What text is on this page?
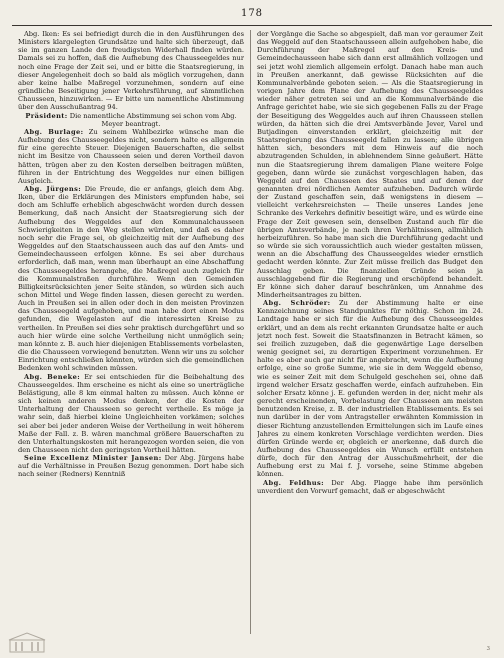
178

Abg. Iken: Es sei befriedigt durch die in den Ausführungen des Ministers klargelegten Grundsätze und halte sich überzeugt, daß sie im ganzen Lande den freudigsten Widerhall finden würden. Damals sei zu hoffen, daß die Aufhebung des Chausseegeldes nur noch eine Frage der Zeit sei, und er bitte die Staatsregierung, in dieser Angelegenheit doch so bald als möglich vorzugehen, dann aber keine halbe Maßregel vorzunehmen, sondern auf eine gründliche Beseitigung jener Verkehrsführung, auf sämmtlichen Chausseen, hinzuwirken. — Er bitte um namentliche Abstimmung über den Ausschußantrag 94.

Präsident: Die namentliche Abstimmung sei schon vom Abg. Meyer beantragt.

Abg. Burlage: Zu seinem Wahlbezirke wünsche man die Aufhebung des Chausseegeldes nicht, sondern halte es allgemein für eine gerechte Steuer. Diejenigen Bauerschaften, die selbst nicht im Besitze von Chausseen seien und deren Vortheil davon hätten, trügen aber zu den Kosten derselben beitragen müßten, führen in der Entrichtung des Weggeldes nur einen billigen Ausgleich.

Abg. Jürgens: Die Freude, die er anfangs, gleich dem Abg. Iken, über die Erklärungen des Ministers empfunden habe, sei doch am Schluffe erheblich abgeschwächt worden durch dessen Bemerkung, daß nach Ansicht der Staatsregierung sich der Aufhebung des Weggeldes auf den Kommunalchausseen Schwierigkeiten in den Weg stellen würden, und daß es daher noch sehr die Frage sei, ob gleichzeitig mit der Aufhebung des Weggeldes auf den Staatschausseen auch das auf den Amts- und Gemeindechausseen erfolgen könne. Es sei aber durchaus erforderlich, daß man, wenn man überhaupt an eine Abschaffung des Chausseegeldes herangehe, die Maßregel auch zugleich für die Kommunalstraßen durchführe. Wenn den Gemeinden Billigkeitsrücksichten jener Seite ständen, so würden sich auch schon Mittel und Wege finden lassen, diesen gerecht zu werden. Auch in Preußen sei in allen oder doch in den meisten Provinzen das Chausseegeld aufgehoben, und man habe dort einen Modus gefunden, die Wegelasten auf die interessirten Kreise zu vertheilen. In Preußen sei dies sehr praktisch durchgeführt und so auch hier würde eine solche Vertheilung nicht unmöglich sein; man könnte z. B. auch hier diejenigen Etablissements vorbelasten, die die Chausseen vorwiegend benutzten. Wenn wir uns zu solcher Einrichtung entschließen könnten, würden sich die gemeindlichen Bedenken wohl schwinden müssen.

Abg. Beneke: Er sei entschieden für die Beibehaltung des Chausseegeldes. Ihm erscheine es nicht als eine so unerträgliche Belästigung, alle 8 km einmal halten zu müssen. Auch könne er sich keinen anderen Modus denken, der die Kosten der Unterhaltung der Chausseen so gerecht vertheile. Es möge ja wahr sein, daß hierbei kleine Ungleichheiten vorkämen; solches sei aber bei jeder anderen Weise der Vertheilung in weit höherem Maße der Fall. z. B. wären manchmal größere Bauerschaften zu den Unterhaltungskosten mit herangezogen worden seien, die von den Chausseen nicht den geringsten Vortheil hätten.

Seine Excellenz Minister Jansen: Der Abg. Jürgens habe auf die Verhältnisse in Preußen Bezug genommen. Dort habe sich nach seiner (Redners) Kenntniß

der Vorgänge die Sache so abgespielt, daß man vor geraumer Zeit das Weggeld auf den Staatschausseen allein aufgehoben habe, die Durchführung der Maßregel auf den Kreis- und Gemeindechausseen habe sich dann erst allmählich vollzogen und sei jetzt wohl ziemlich allgemein erfolgt. Danach habe man auch in Preußen anerkannt, daß gewisse Rücksichten auf die Kommunalverbände geboten seien. — Als die Staatsregierung in vorigen Jahre dem Plane der Aufhebung des Chausseegeldes wieder näher getreten sei und an die Kommunalverbände die Anfrage gerichtet habe, wie sie sich gegebenen Falls zu der Frage der Beseitigung des Weggeldes auch auf ihren Chausseen stellen würden, da hätten sich die drei Amtsverbände Jever, Varel und Butjadingen einverstanden erklärt, gleichzeitig mit der Staatsregierung das Chausseegeld fallen zu lassen; alle übrigen hätten sich, besonders mit dem Hinweis auf die noch abzutragenden Schulden, in ablehnendem Sinne geäußert. Hätte nun die Staatsregierung ihrem damaligen Plane weitere Folge gegeben, dann würde sie zunächst vorgeschlagen haben, das Weggeld auf den Chausseen des Staates und auf denen der genannten drei nördlichen Aemter aufzuheben. Dadurch würde der Zustand geschaffen sein, daß wenigstens in diesem — vielleicht verkehrsreichsten — Theile unseres Landes jene Schranke des Verkehrs definitiv beseitigt wäre, und es würde eine Frage der Zeit gewesen sein, denselben Zustand auch für die übrigen Amtsverbände, je nach ihren Verhältnissen, allmählich herbeizuführen. So habe man sich die Durchführung gedacht und so würde sie sich voraussichtlich auch wieder gestalten müssen, wenn an die Abschaffung des Chausseegeldes wieder ernstlich gedacht werden könnte. Zur Zeit müsse freilich das Budget den Ausschlag geben. Die finanziellen Gründe seien ja ausschlaggebend für die Regierung und erschöpfend behandelt. Er könne sich daher darauf beschränken, um Annahme des Minderheitsantrages zu bitten.

Abg. Schröder: Zu der Abstimmung halte er eine Kennzeichnung seines Standpunktes für nöthig. Schon im 24. Landtage habe er sich für die Aufhebung des Chausseegeldes erklärt, und an dem als recht erkannten Grundsatze halte er auch jetzt noch fest. Soweit die Staatsfinanzen in Betracht kämen, so sei freilich zuzugeben, daß die gegenwärtige Lage derselben wenig geeignet sei, zu derartigen Experiment vorzunehmen. Er halte es aber auch gar nicht für angebracht, wenn die Aufhebung erfolge, eine so große Summe, wie sie in dem Weggeld ebenso, wie es seiner Zeit mit dem Schulgeld geschehen sei, ohne daß irgend welcher Ersatz geschaffen werde, einfach aufzuheben. Ein solcher Ersatz könne j. E. gefunden werden in der, nicht mehr als gerecht erscheinenden, Vorbelastung der Chausseen am meisten benutzenden Kreise, z. B. der industriellen Etablissements. Es sei nun darüber in der vom Antragsteller erwähnten Kommission in dieser Richtung anzustellenden Ermittelungen sich im Laufe eines Jahres zu einem konkreten Vorschlage verdichten werden. Dies dürfen Gründe werde er, obgleich er anerkenne, daß durch die Aufhebung des Chausseegeldes ein Wunsch erfüllt entstehen dürfe, doch für den Antrag der Ausschußmehrheit, der die Aufhebung erst zu Mai f. J. vorsehe, seine Stimme abgeben können.

Abg. Feldhus: Der Abg. Plagge habe ihm persönlich unverdient den Vorwurf gemacht, daß er abgeschwächt

3
